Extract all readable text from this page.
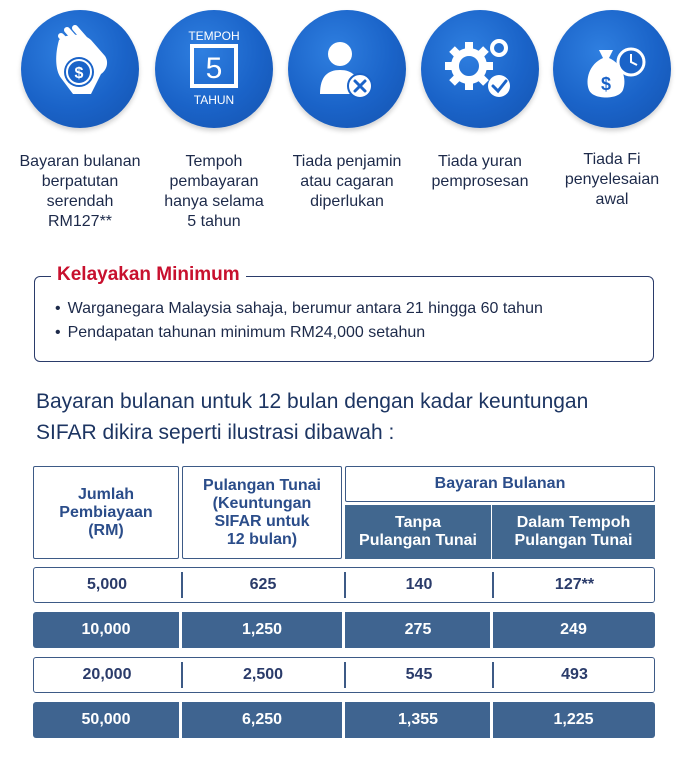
$
Bayaran bulanan
berpatutan
serendah
RM127**
TEMPOH
5
TAHUN
Tempoh
pembayaran
hanya selama
5 tahun
Tiada penjamin
atau cagaran
diperlukan
Tiada yuran
pemprosesan
$
Tiada Fi
penyelesaian
awal
Kelayakan Minimum
• Warganegara Malaysia sahaja, berumur antara 21 hingga 60 tahun
• Pendapatan tahunan minimum RM24,000 setahun
Bayaran bulanan untuk 12 bulan dengan kadar keuntungan
SIFAR dikira seperti ilustrasi dibawah :
Jumlah
Pembiayaan
(RM)
Pulangan Tunai
(Keuntungan
SIFAR untuk
12 bulan)
Bayaran Bulanan
Tanpa
Pulangan Tunai
Dalam Tempoh
Pulangan Tunai
5,000	625	140	127**
10,000	1,250	275	249
20,000	2,500	545	493
50,000	6,250	1,355	1,225
